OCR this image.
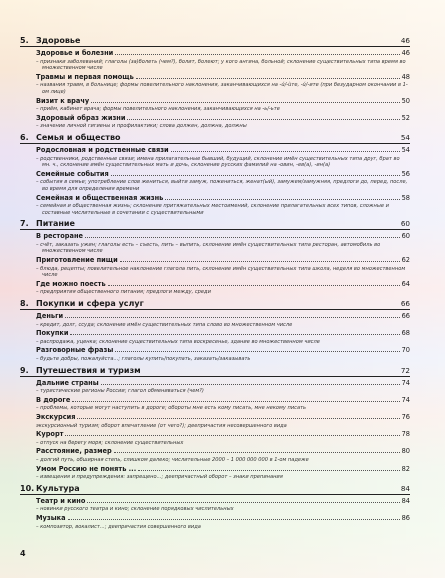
5. Здоровье	46
Здоровье и болезни	46
– признаки заболеваний; глаголы (за)болеть (чем?), болит, болеют; у кого ангина, больной; склонение существительных типа время во множественном числе
Травмы и первая помощь	48
– названия травм, в больнице; формы повелительного наклонения, заканчивающихся на -ú/-ùте, -ú/-ите (при безударном окончании в 1-ом лице)
Визит к врачу	50
– приём, кабинет врача; формы повелительного наклонения, заканчивающихся на -ь/-ьте
Здоровый образ жизни	52
– значение личной гигиены и профилактики; слова должен, должна, должны
6. Семья и общество	54
Родословная и родственные связи	54
– родственники, родственные связи; имена прилагательные бывший, будущий, склонение имён существительных типа друг, брат во мн. ч., склонение имён существительных мать и дочь, склонение русских фамилий на -овин, -ев(а), -ин(а)
Семейные события	56
– события в семье; употребление слов жениться, выйти замуж, пожениться, женат(ый), замужем/замужняя, предлоги до, перед, после, во время для определения времени
Семейная и общественная жизнь	58
– семейная и общественная жизнь; склонение притяжательных местоимений, склонение прилагательных всех типов, сложные и составные числительные в сочетании с существительными
7. Питание	60
В ресторане	60
– счёт, заказать ужин; глаголы есть – съесть, пить – выпить, склонение имён существительных типа ресторан, автомобиль во множественном числе
Приготовление пищи	62
– блюда, рецепты; повелительное наклонение глагола пить, склонение имён существительных типа школа, неделя во множественном числе
Где можно поесть	64
– предприятия общественного питания; предлоги между, среди
8. Покупки и сфера услуг	66
Деньги	66
– кредит, долг, ссуда; склонение имён существительных типа слово во множественном числе
Покупки	68
– распродажа, уценка; склонение существительных типа воскресенье, здание во множественном числе
Разговорные фразы	70
– будьте добры, пожалуйста...; глаголы купить/покупать, заказать/заказывать
9. Путешествия и туризм	72
Дальние страны	74
– туристические регионы России; глагол обмениваться (чем?)
В дороге	74
– проблемы, которые могут наступить в дороге; обороты мне есть кому писать, мне некому писать
Экскурсия	76
экскурсионный туризм; оборот впечатление (от чего?); деепричастия несовершенного вида
Курорт	78
– отпуск на берегу моря; склонение существительных
Расстояние, размер	80
– долгий путь, обширная степь, слишком далеко; числительные 2000 – 1 000 000 000 в 1-ом падеже
Умом Россию не понять ...	82
– извещения и предупреждения: запрещено...; деепричастный оборот – знаки препинания
10. Культура	84
Театр и кино	84
– новинки русского театра и кино; склонение порядковых числительных
Музыка	86
– композитор, вокалист...; деепричастия совершенного вида
4
